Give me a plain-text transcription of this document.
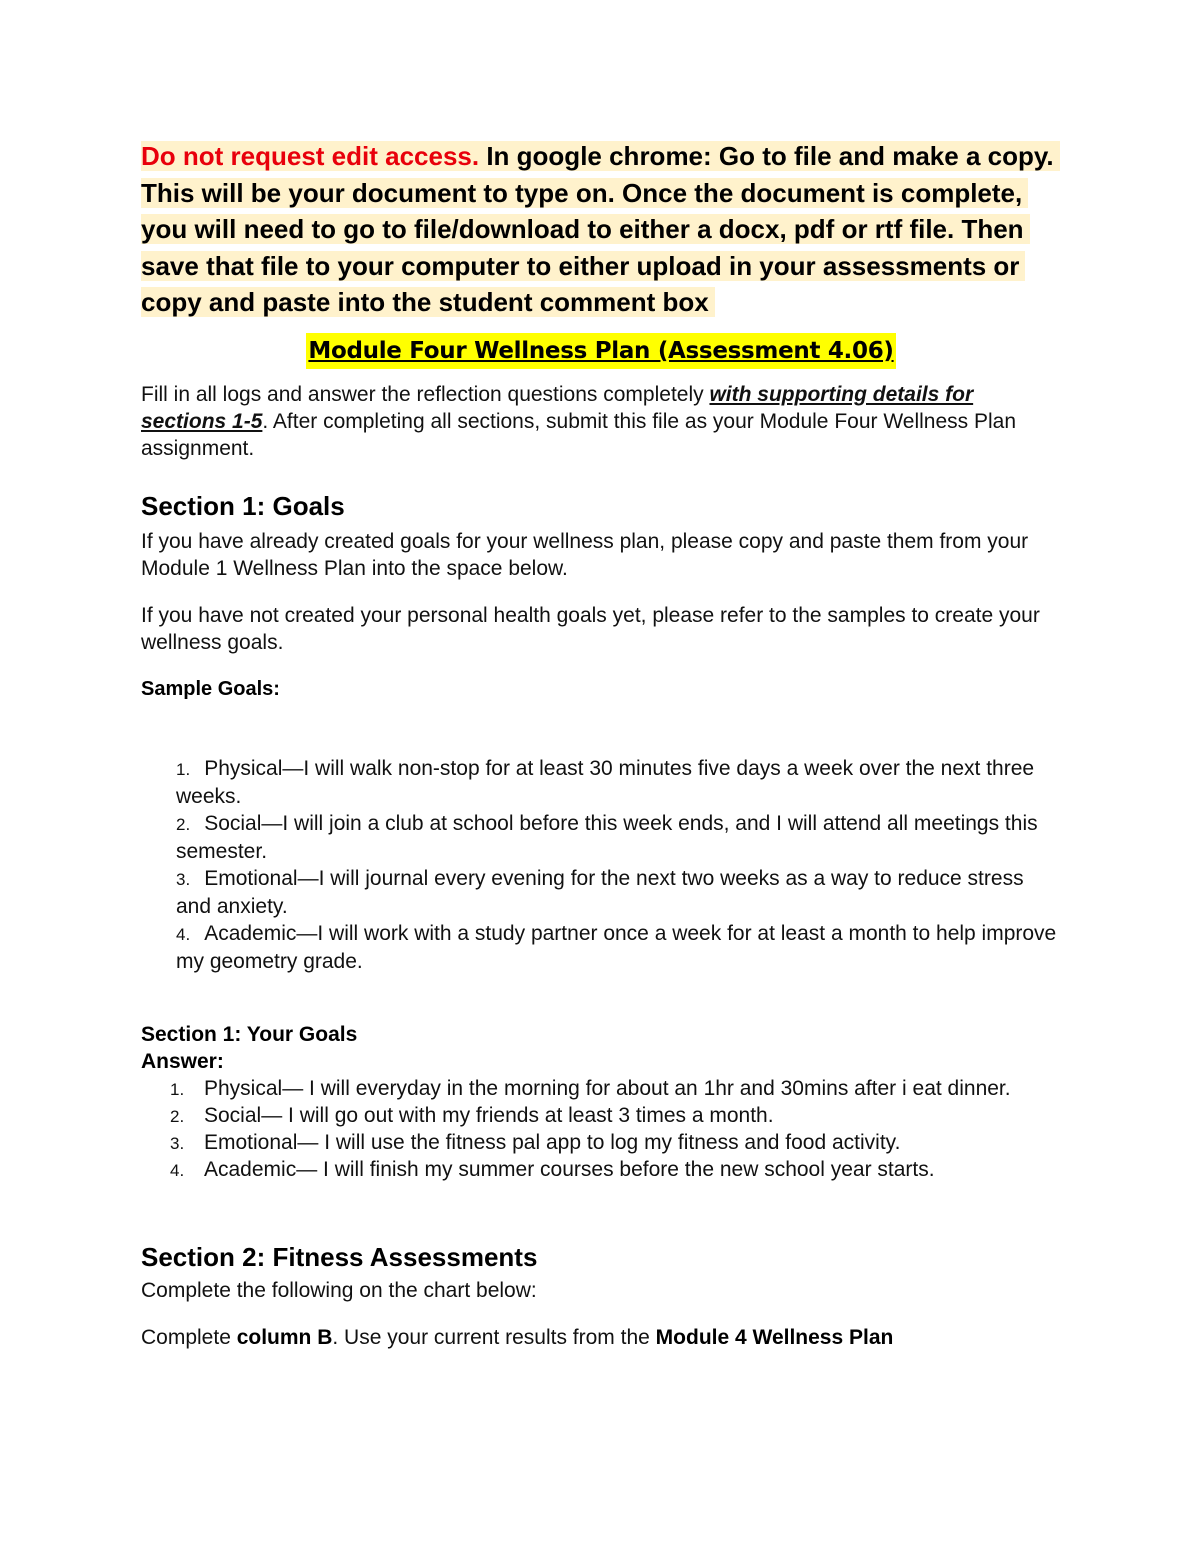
Do not request edit access. In google chrome: Go to file and make a copy. This will be your document to type on. Once the document is complete, you will need to go to file/download to either a docx, pdf or rtf file. Then save that file to your computer to either upload in your assessments or copy and paste into the student comment box

Module Four Wellness Plan (Assessment 4.06)

Fill in all logs and answer the reflection questions completely with supporting details for sections 1-5. After completing all sections, submit this file as your Module Four Wellness Plan assignment.

Section 1: Goals

If you have already created goals for your wellness plan, please copy and paste them from your Module 1 Wellness Plan into the space below.

If you have not created your personal health goals yet, please refer to the samples to create your wellness goals.

Sample Goals:

1. Physical—I will walk non-stop for at least 30 minutes five days a week over the next three weeks.
2. Social—I will join a club at school before this week ends, and I will attend all meetings this semester.
3. Emotional—I will journal every evening for the next two weeks as a way to reduce stress and anxiety.
4. Academic—I will work with a study partner once a week for at least a month to help improve my geometry grade.
Section 1: Your Goals
Answer:
1. Physical— I will everyday in the morning for about an 1hr and 30mins after i eat dinner.
2. Social— I will go out with my friends at least 3 times a month.
3. Emotional— I will use the fitness pal app to log my fitness and food activity.
4. Academic— I will finish my summer courses before the new school year starts.
Section 2: Fitness Assessments

Complete the following on the chart below:

Complete column B. Use your current results from the Module 4 Wellness Plan
